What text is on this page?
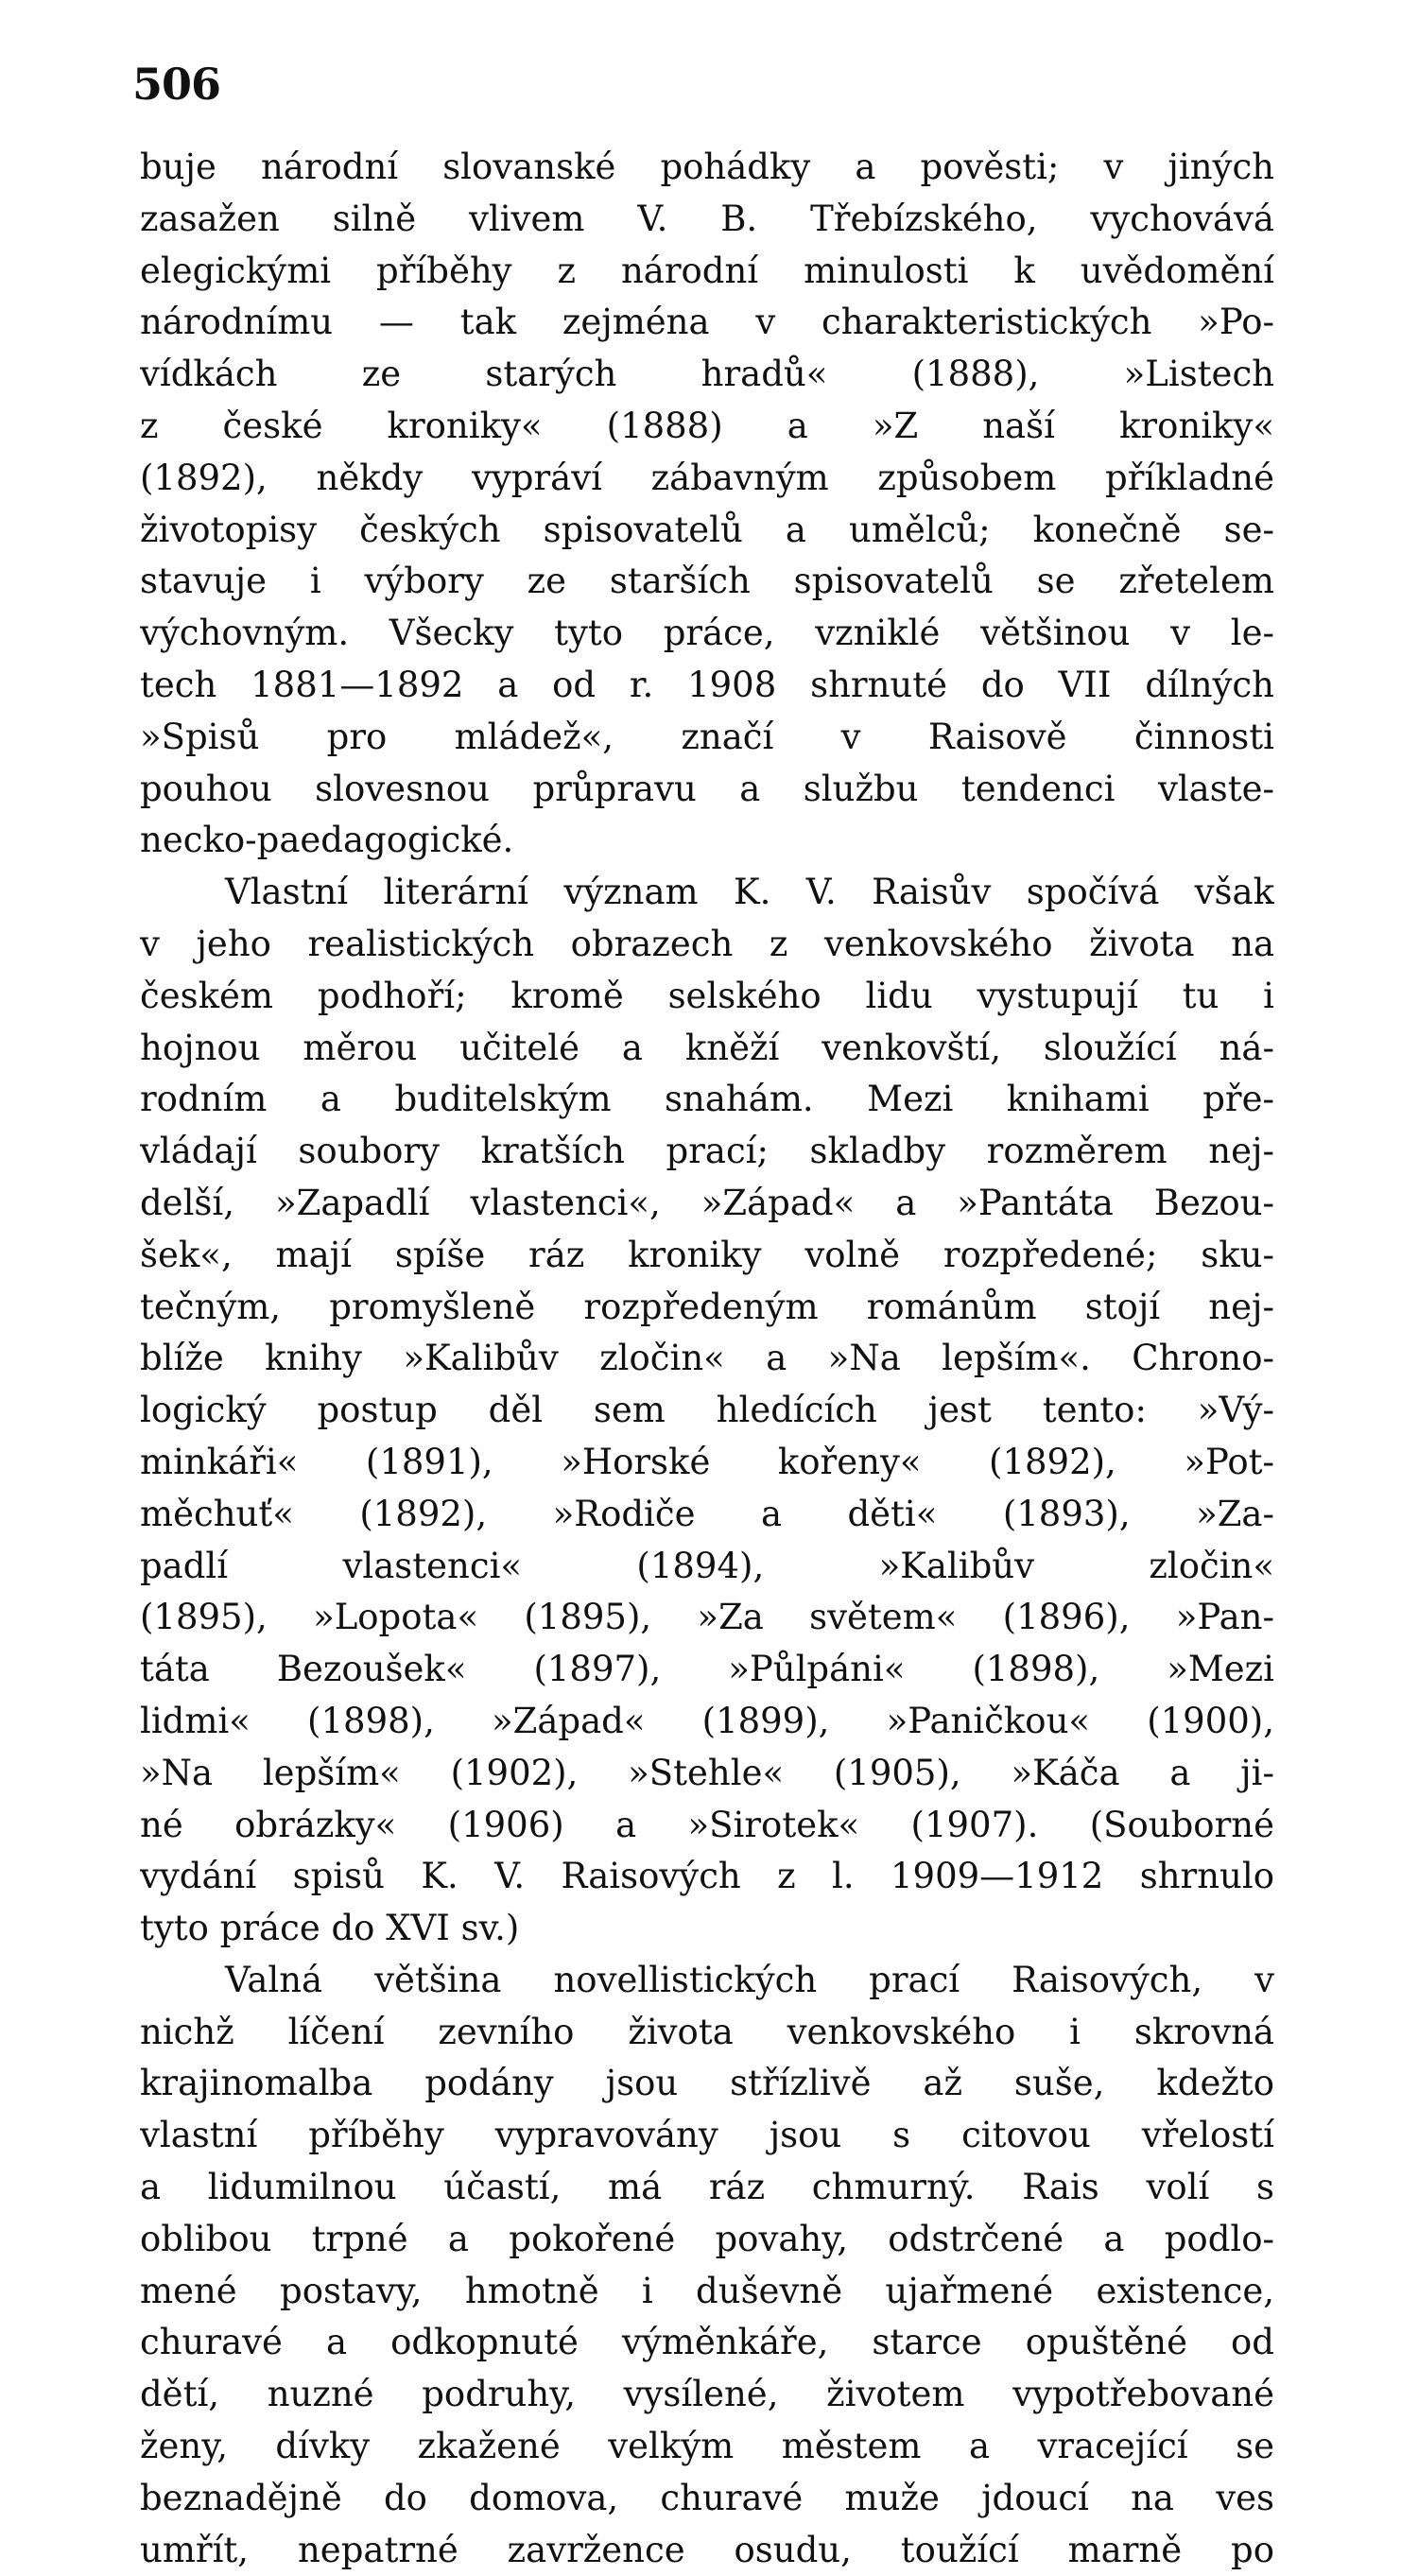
506
buje národní slovanské pohádky a pověsti; v jiných
zasažen silně vlivem V. B. Třebízského, vychovává
elegickými příběhy z národní minulosti k uvědomění
národnímu — tak zejména v charakteristických »Po-
vídkách ze starých hradů« (1888), »Listech
z české kroniky« (1888) a »Z naší kroniky«
(1892), někdy vypráví zábavným způsobem příkladné
životopisy českých spisovatelů a umělců; konečně se-
stavuje i výbory ze starších spisovatelů se zřetelem
výchovným. Všecky tyto práce, vzniklé většinou v le-
tech 1881—1892 a od r. 1908 shrnuté do VII dílných
»Spisů pro mládež«, značí v Raisově činnosti
pouhou slovesnou průpravu a službu tendenci vlaste-
necko-paedagogické.
Vlastní literární význam K. V. Raisův spočívá však
v jeho realistických obrazech z venkovského života na
českém podhoří; kromě selského lidu vystupují tu i
hojnou měrou učitelé a kněží venkovští, sloužící ná-
rodním a buditelským snahám. Mezi knihami pře-
vládají soubory kratších prací; skladby rozměrem nej-
delší, »Zapadlí vlastenci«, »Západ« a »Pantáta Bezou-
šek«, mají spíše ráz kroniky volně rozpředené; sku-
tečným, promyšleně rozpředeným románům stojí nej-
blíže knihy »Kalibův zločin« a »Na lepším«. Chrono-
logický postup děl sem hledících jest tento: »Vý-
minkáři« (1891), »Horské kořeny« (1892), »Pot-
měchuť« (1892), »Rodiče a děti« (1893), »Za-
padlí vlastenci« (1894), »Kalibův zločin«
(1895), »Lopota« (1895), »Za světem« (1896), »Pan-
táta Bezoušek« (1897), »Půlpáni« (1898), »Mezi
lidmi« (1898), »Západ« (1899), »Paničkou« (1900),
»Na lepším« (1902), »Stehle« (1905), »Káča a ji-
né obrázky« (1906) a »Sirotek« (1907). (Souborné
vydání spisů K. V. Raisových z l. 1909—1912 shrnulo
tyto práce do XVI sv.)
Valná většina novellistických prací Raisových, v
nichž líčení zevního života venkovského i skrovná
krajinomalba podány jsou střízlivě až suše, kdežto
vlastní příběhy vypravovány jsou s citovou vřelostí
a lidumilnou účastí, má ráz chmurný. Rais volí s
oblibou trpné a pokořené povahy, odstrčené a podlo-
mené postavy, hmotně i duševně ujařmené existence,
churavé a odkopnuté výměnkáře, starce opuštěné od
dětí, nuzné podruhy, vysílené, životem vypotřebované
ženy, dívky zkažené velkým městem a vracející se
beznadějně do domova, churavé muže jdoucí na ves
umřít, nepatrné zavržence osudu, toužící marně po
